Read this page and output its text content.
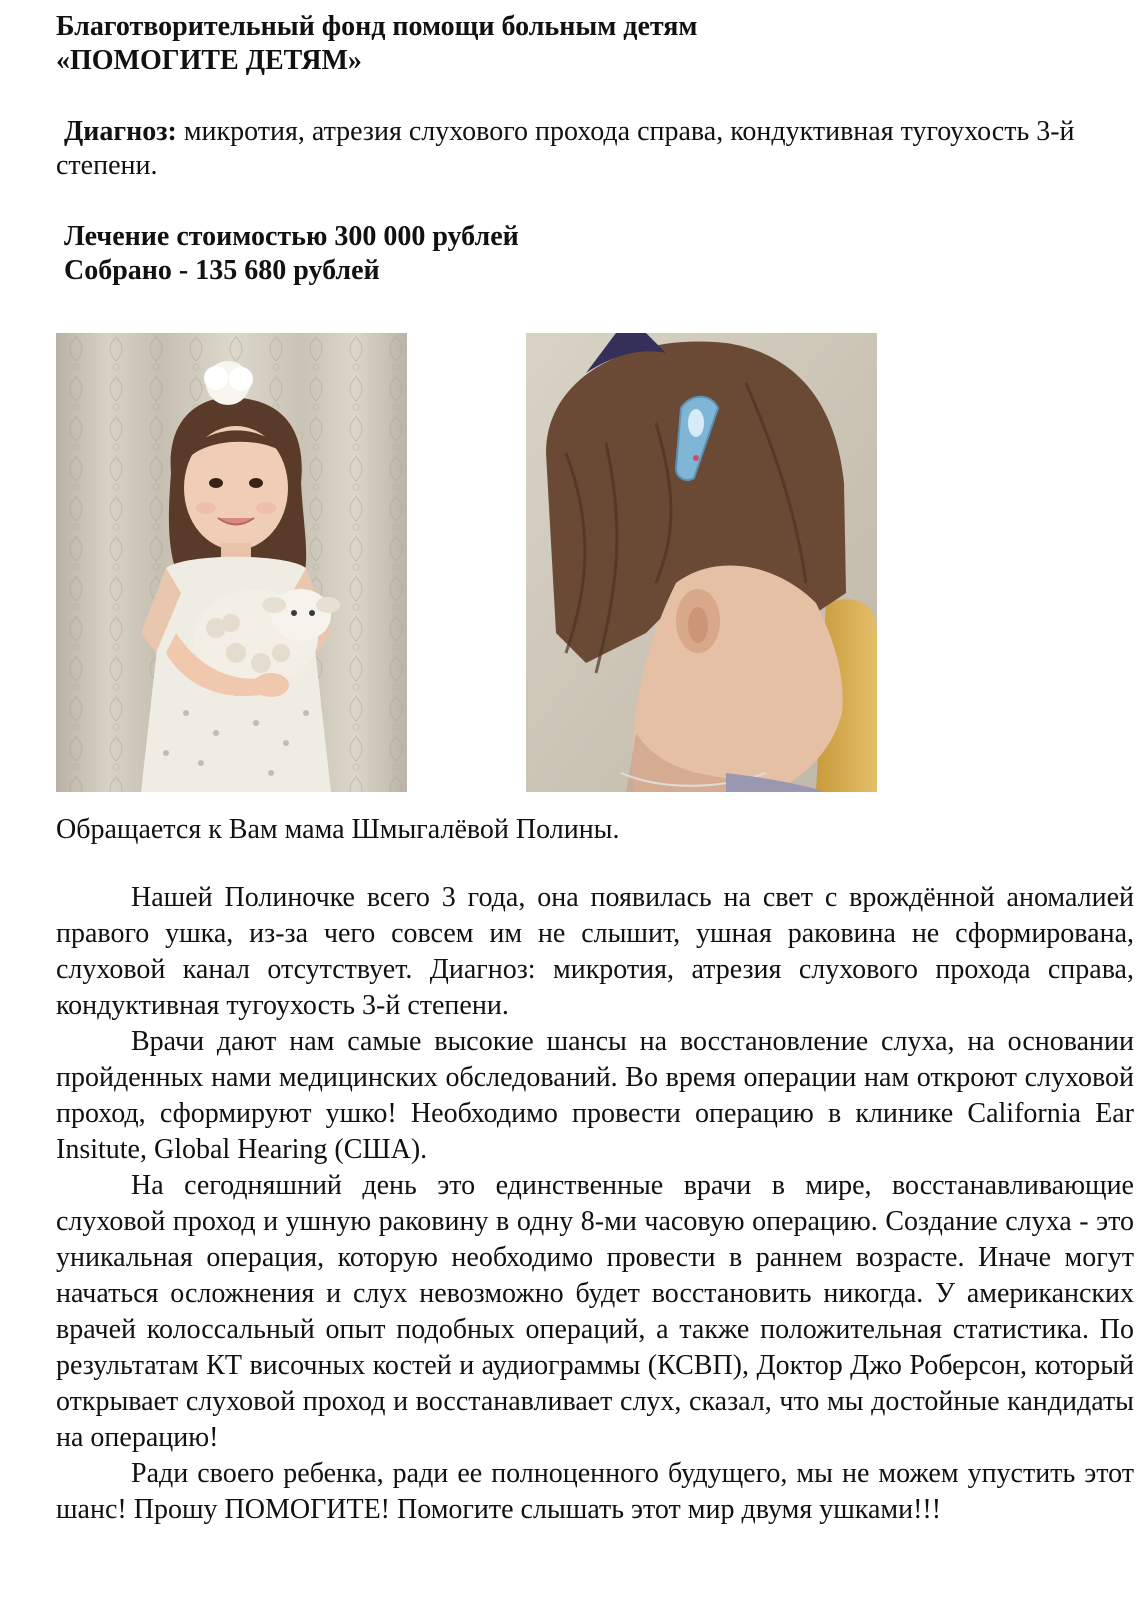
Благотворительный фонд помощи больным детям
«ПОМОГИТЕ ДЕТЯМ»
Диагноз: микротия, атрезия слухового прохода справа, кондуктивная тугоухость 3-й степени.
Лечение стоимостью 300 000 рублей
Собрано - 135 680 рублей
Обращается к Вам мама Шмыгалёвой Полины.

Нашей Полиночке всего 3 года, она появилась на свет с врождённой аномалией правого ушка, из-за чего совсем им не слышит, ушная раковина не сформирована, слуховой канал отсутствует. Диагноз: микротия, атрезия слухового прохода справа, кондуктивная тугоухость 3-й степени.

Врачи дают нам самые высокие шансы на восстановление слуха, на основании пройденных нами медицинских обследований. Во время операции нам откроют слуховой проход, сформируют ушко! Необходимо провести операцию в клинике California Ear Insitute, Global Hearing (США).

На сегодняшний день это единственные врачи в мире, восстанавливающие слуховой проход и ушную раковину в одну 8-ми часовую операцию. Создание слуха - это уникальная операция, которую необходимо провести в раннем возрасте. Иначе могут начаться осложнения и слух невозможно будет восстановить никогда. У американских врачей колоссальный опыт подобных операций, а также положительная статистика. По результатам КТ височных костей и аудиограммы (КСВП), Доктор Джо Роберсон, который открывает слуховой проход и восстанавливает слух, сказал, что мы достойные кандидаты на операцию!

Ради своего ребенка, ради ее полноценного будущего, мы не можем упустить этот шанс! Прошу ПОМОГИТЕ! Помогите слышать этот мир двумя ушками!!!
